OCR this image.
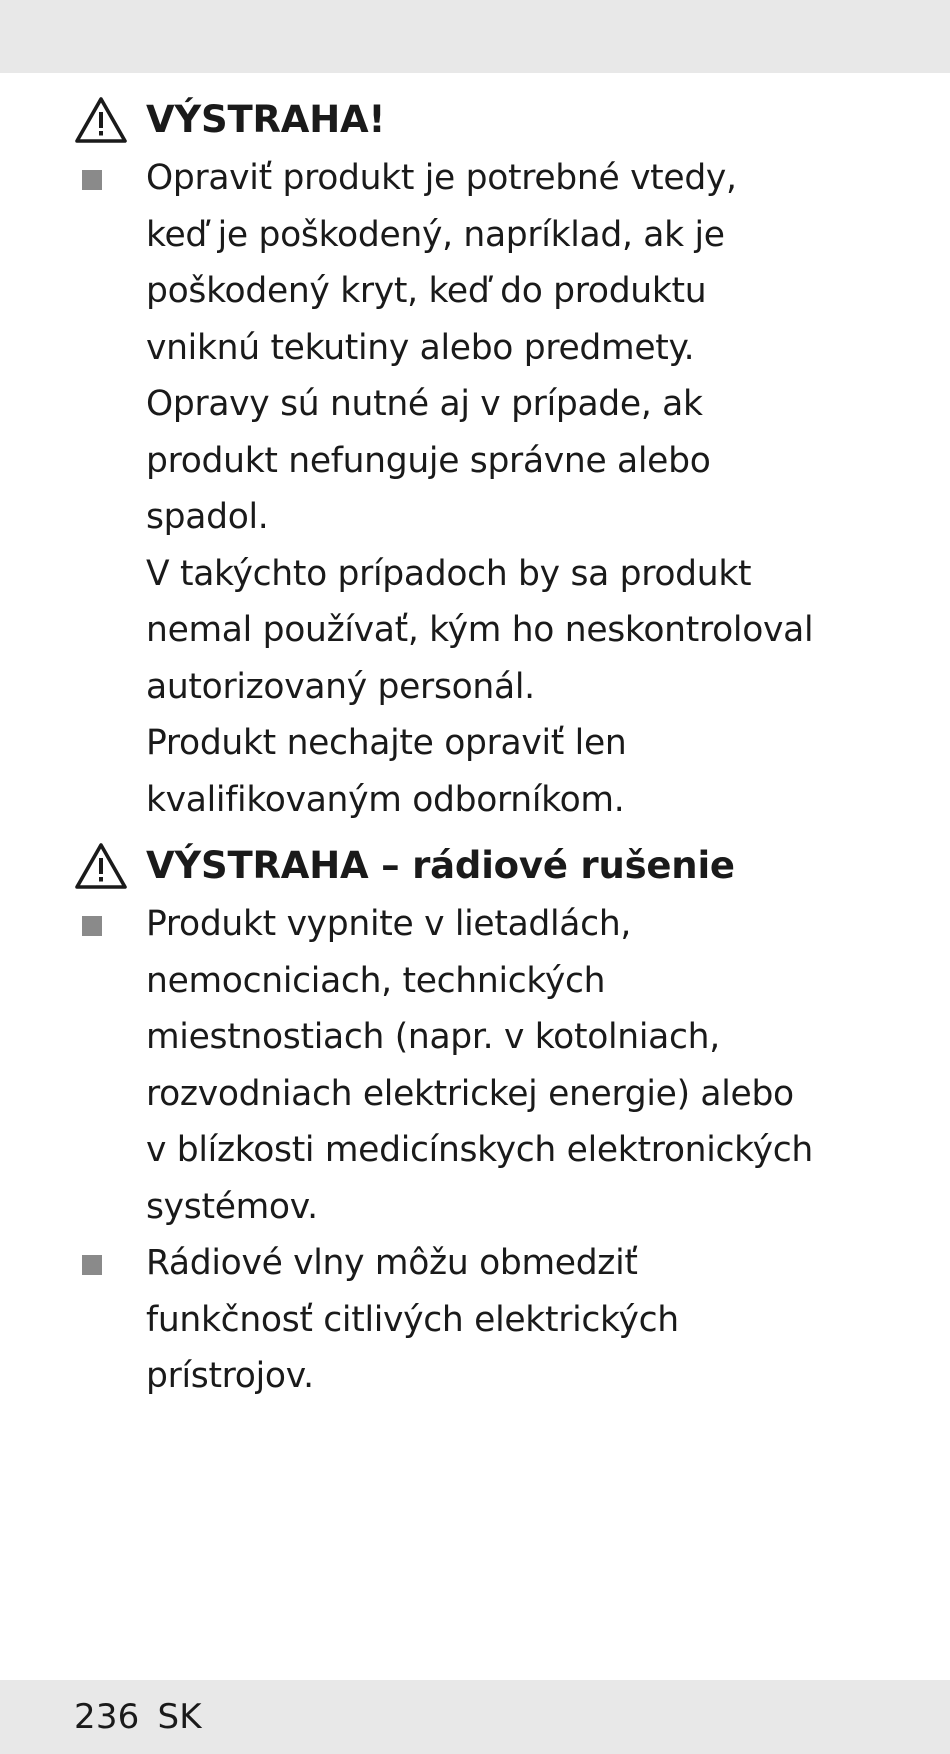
VÝSTRAHA!

Opraviť produkt je potrebné vtedy,
keď je poškodený, napríklad, ak je
poškodený kryt, keď do produktu
vniknú tekutiny alebo predmety.

Opravy sú nutné aj v prípade, ak
produkt nefunguje správne alebo
spadol.

V takýchto prípadoch by sa produkt
nemal používať, kým ho neskontroloval
autorizovaný personál.

Produkt nechajte opraviť len
kvalifikovaným odborníkom.

VÝSTRAHA – rádiové rušenie

Produkt vypnite v lietadlách,
nemocniciach, technických
miestnostiach (napr. v kotolniach,
rozvodniach elektrickej energie) alebo
v blízkosti medicínskych elektronických
systémov.

Rádiové vlny môžu obmedziť
funkčnosť citlivých elektrických
prístrojov.

236 SK
